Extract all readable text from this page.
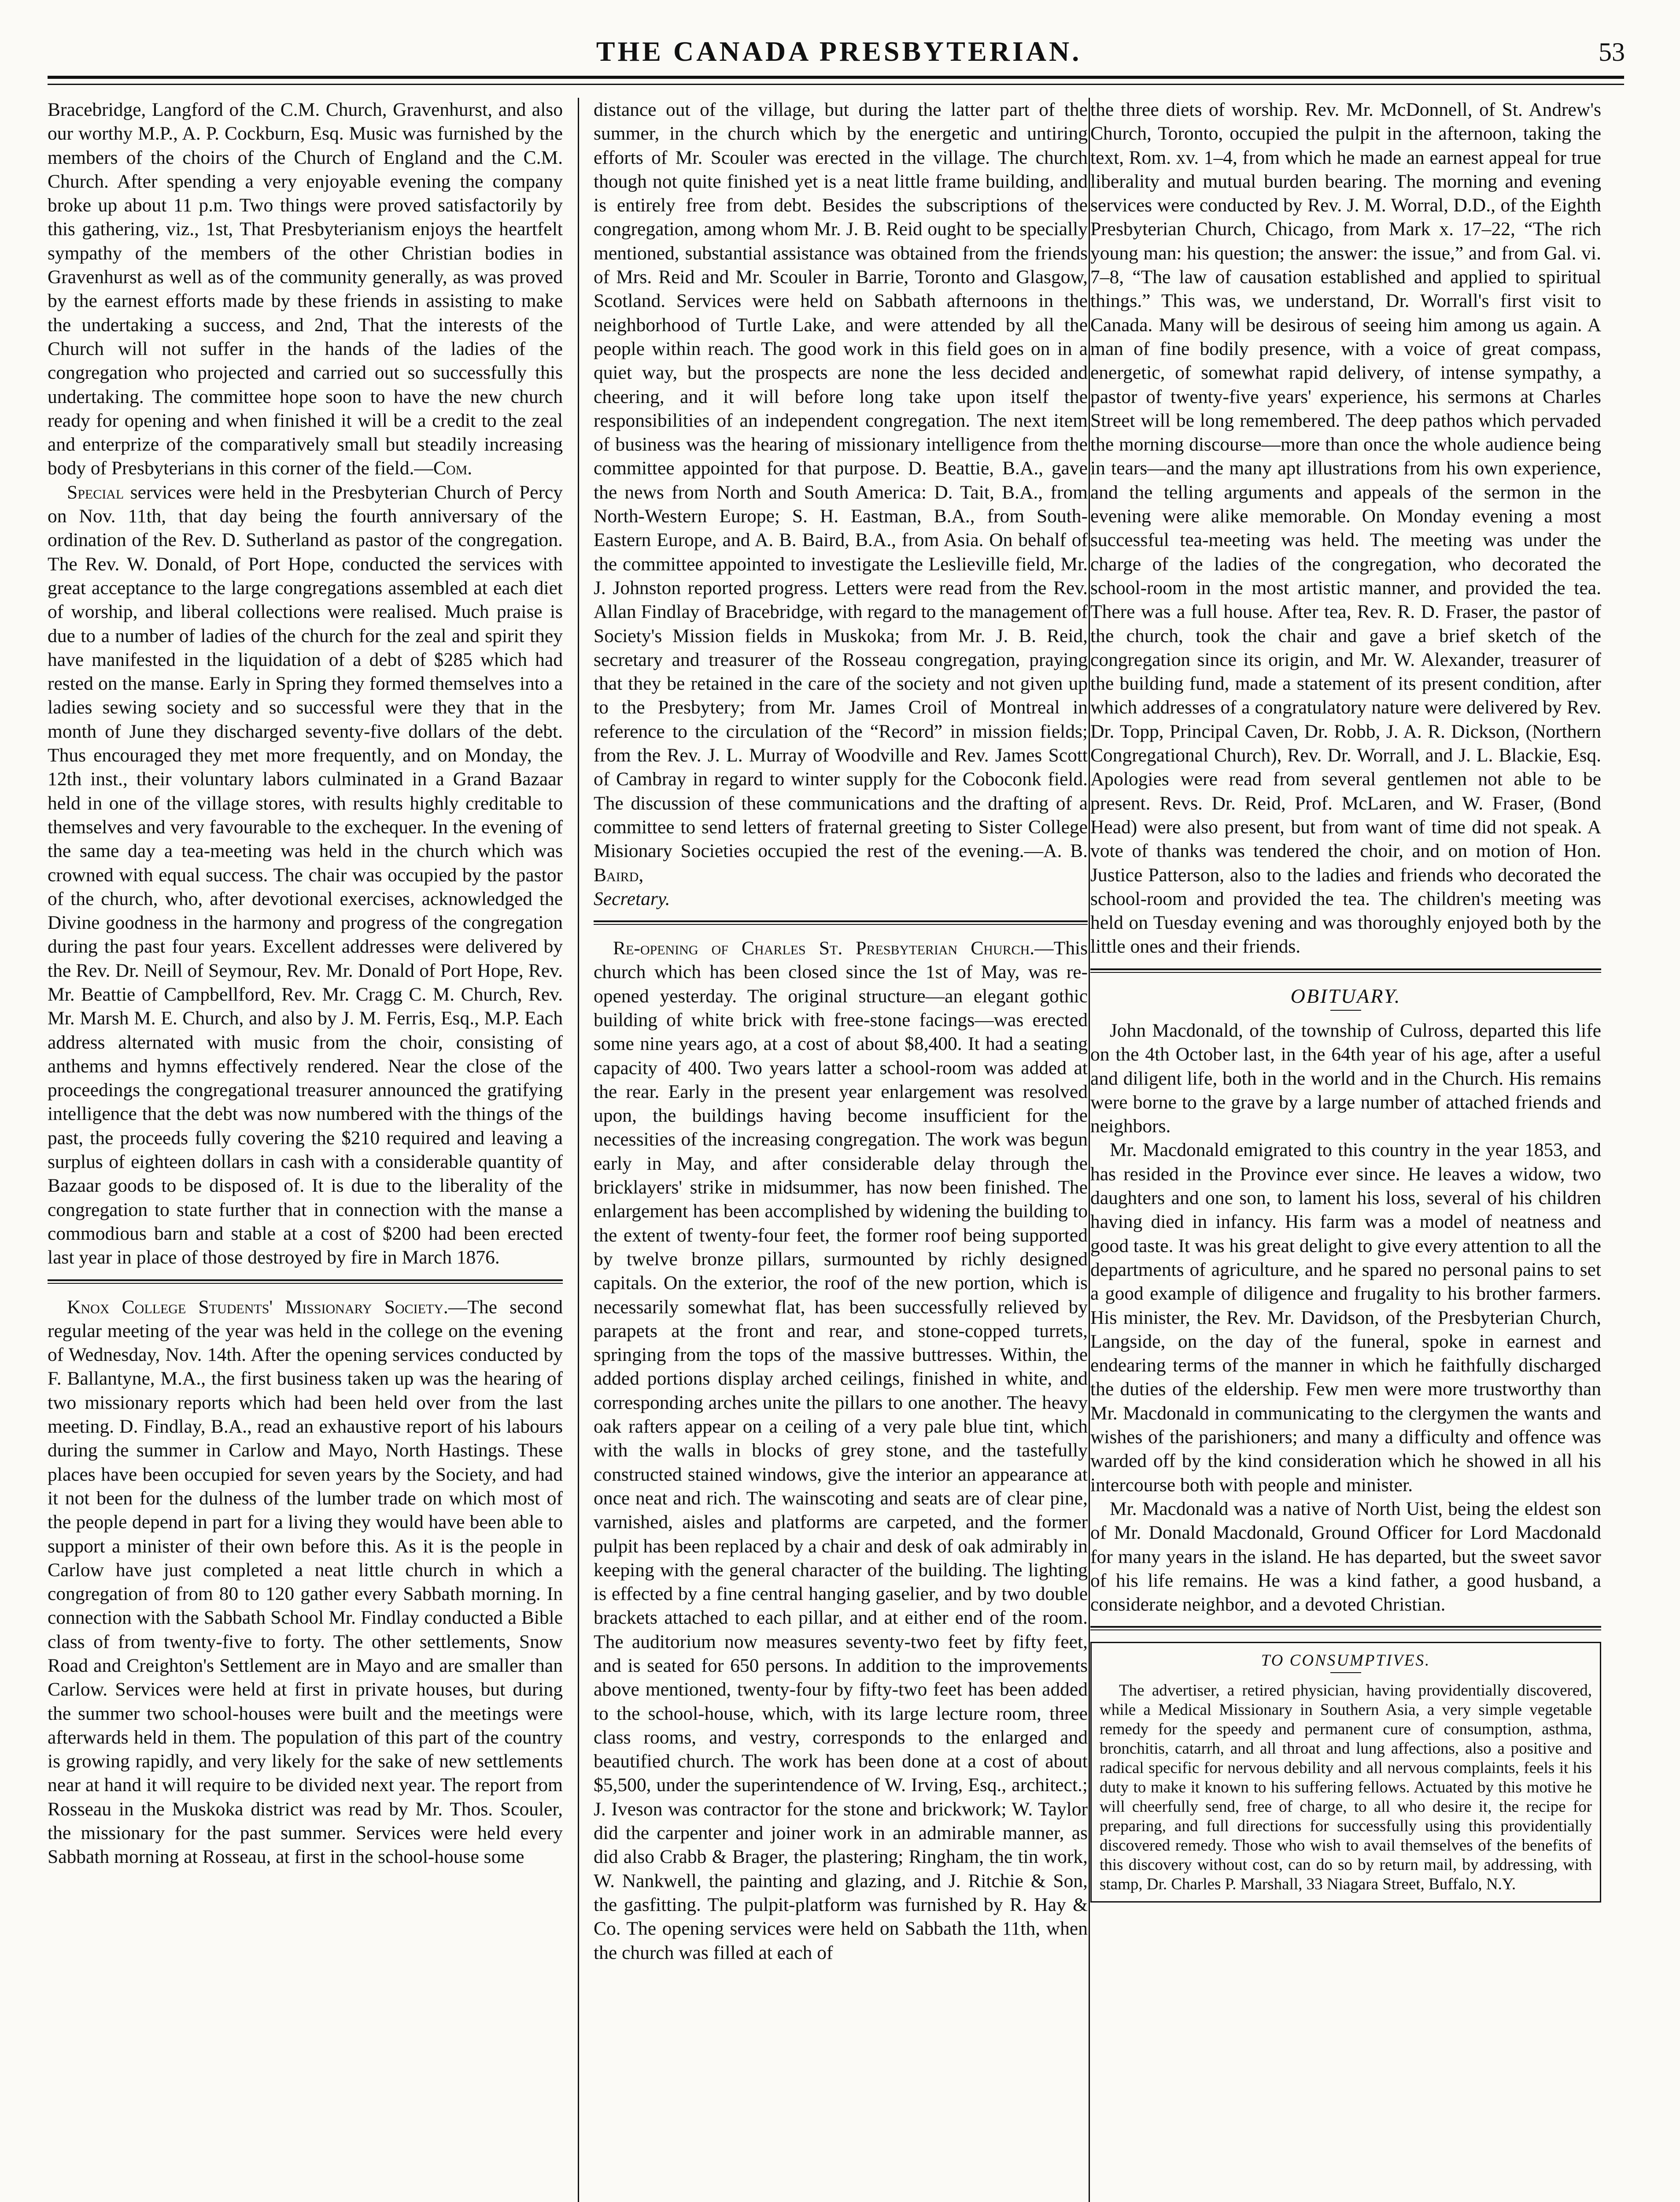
THE CANADA PRESBYTERIAN.	53

Bracebridge, Langford of the C.M. Church, Gravenhurst, and also our worthy M.P., A. P. Cockburn, Esq. Music was furnished by the members of the choirs of the Church of England and the C.M. Church. After spending a very enjoyable evening the company broke up about 11 p.m. Two things were proved satisfactorily by this gathering, viz., 1st, That Presbyterianism enjoys the heartfelt sympathy of the members of the other Christian bodies in Gravenhurst as well as of the community generally, as was proved by the earnest efforts made by these friends in assisting to make the undertaking a success, and 2nd, That the interests of the Church will not suffer in the hands of the ladies of the congregation who projected and carried out so successfully this undertaking. The committee hope soon to have the new church ready for opening and when finished it will be a credit to the zeal and enterprize of the comparatively small but steadily increasing body of Presbyterians in this corner of the field.—Com.

Special services were held in the Presbyterian Church of Percy on Nov. 11th, that day being the fourth anniversary of the ordination of the Rev. D. Sutherland as pastor of the congregation. The Rev. W. Donald, of Port Hope, conducted the services with great acceptance to the large congregations assembled at each diet of worship, and liberal collections were realised. Much praise is due to a number of ladies of the church for the zeal and spirit they have manifested in the liquidation of a debt of $285 which had rested on the manse. Early in Spring they formed themselves into a ladies sewing society and so successful were they that in the month of June they discharged seventy-five dollars of the debt. Thus encouraged they met more frequently, and on Monday, the 12th inst., their voluntary labors culminated in a Grand Bazaar held in one of the village stores, with results highly creditable to themselves and very favourable to the exchequer. In the evening of the same day a tea-meeting was held in the church which was crowned with equal success. The chair was occupied by the pastor of the church, who, after devotional exercises, acknowledged the Divine goodness in the harmony and progress of the congregation during the past four years. Excellent addresses were delivered by the Rev. Dr. Neill of Seymour, Rev. Mr. Donald of Port Hope, Rev. Mr. Beattie of Campbellford, Rev. Mr. Cragg C. M. Church, Rev. Mr. Marsh M. E. Church, and also by J. M. Ferris, Esq., M.P. Each address alternated with music from the choir, consisting of anthems and hymns effectively rendered. Near the close of the proceedings the congregational treasurer announced the gratifying intelligence that the debt was now numbered with the things of the past, the proceeds fully covering the $210 required and leaving a surplus of eighteen dollars in cash with a considerable quantity of Bazaar goods to be disposed of. It is due to the liberality of the congregation to state further that in connection with the manse a commodious barn and stable at a cost of $200 had been erected last year in place of those destroyed by fire in March 1876.

Knox College Students' Missionary Society.—The second regular meeting of the year was held in the college on the evening of Wednesday, Nov. 14th. After the opening services conducted by F. Ballantyne, M.A., the first business taken up was the hearing of two missionary reports which had been held over from the last meeting. D. Findlay, B.A., read an exhaustive report of his labours during the summer in Carlow and Mayo, North Hastings. These places have been occupied for seven years by the Society, and had it not been for the dulness of the lumber trade on which most of the people depend in part for a living they would have been able to support a minister of their own before this. As it is the people in Carlow have just completed a neat little church in which a congregation of from 80 to 120 gather every Sabbath morning. In connection with the Sabbath School Mr. Findlay conducted a Bible class of from twenty-five to forty. The other settlements, Snow Road and Creighton's Settlement are in Mayo and are smaller than Carlow. Services were held at first in private houses, but during the summer two school-houses were built and the meetings were afterwards held in them. The population of this part of the country is growing rapidly, and very likely for the sake of new settlements near at hand it will require to be divided next year. The report from Rosseau in the Muskoka district was read by Mr. Thos. Scouler, the missionary for the past summer. Services were held every Sabbath morning at Rosseau, at first in the school-house some

distance out of the village, but during the latter part of the summer, in the church which by the energetic and untiring efforts of Mr. Scouler was erected in the village. The church though not quite finished yet is a neat little frame building, and is entirely free from debt. Besides the subscriptions of the congregation, among whom Mr. J. B. Reid ought to be specially mentioned, substantial assistance was obtained from the friends of Mrs. Reid and Mr. Scouler in Barrie, Toronto and Glasgow, Scotland. Services were held on Sabbath afternoons in the neighborhood of Turtle Lake, and were attended by all the people within reach. The good work in this field goes on in a quiet way, but the prospects are none the less decided and cheering, and it will before long take upon itself the responsibilities of an independent congregation. The next item of business was the hearing of missionary intelligence from the committee appointed for that purpose. D. Beattie, B.A., gave the news from North and South America: D. Tait, B.A., from North-Western Europe; S. H. Eastman, B.A., from South-Eastern Europe, and A. B. Baird, B.A., from Asia. On behalf of the committee appointed to investigate the Leslieville field, Mr. J. Johnston reported progress. Letters were read from the Rev. Allan Findlay of Bracebridge, with regard to the management of Society's Mission fields in Muskoka; from Mr. J. B. Reid, secretary and treasurer of the Rosseau congregation, praying that they be retained in the care of the society and not given up to the Presbytery; from Mr. James Croil of Montreal in reference to the circulation of the “Record” in mission fields; from the Rev. J. L. Murray of Woodville and Rev. James Scott of Cambray in regard to winter supply for the Coboconk field. The discussion of these communications and the drafting of a committee to send letters of fraternal greeting to Sister College Misionary Societies occupied the rest of the evening.—A. B. Baird,
Secretary.

Re-opening of Charles St. Presbyterian Church.—This church which has been closed since the 1st of May, was re-opened yesterday. The original structure—an elegant gothic building of white brick with free-stone facings—was erected some nine years ago, at a cost of about $8,400. It had a seating capacity of 400. Two years latter a school-room was added at the rear. Early in the present year enlargement was resolved upon, the buildings having become insufficient for the necessities of the increasing congregation. The work was begun early in May, and after considerable delay through the bricklayers' strike in midsummer, has now been finished. The enlargement has been accomplished by widening the building to the extent of twenty-four feet, the former roof being supported by twelve bronze pillars, surmounted by richly designed capitals. On the exterior, the roof of the new portion, which is necessarily somewhat flat, has been successfully relieved by parapets at the front and rear, and stone-copped turrets, springing from the tops of the massive buttresses. Within, the added portions display arched ceilings, finished in white, and corresponding arches unite the pillars to one another. The heavy oak rafters appear on a ceiling of a very pale blue tint, which with the walls in blocks of grey stone, and the tastefully constructed stained windows, give the interior an appearance at once neat and rich. The wainscoting and seats are of clear pine, varnished, aisles and platforms are carpeted, and the former pulpit has been replaced by a chair and desk of oak admirably in keeping with the general character of the building. The lighting is effected by a fine central hanging gaselier, and by two double brackets attached to each pillar, and at either end of the room. The auditorium now measures seventy-two feet by fifty feet, and is seated for 650 persons. In addition to the improvements above mentioned, twenty-four by fifty-two feet has been added to the school-house, which, with its large lecture room, three class rooms, and vestry, corresponds to the enlarged and beautified church. The work has been done at a cost of about $5,500, under the superintendence of W. Irving, Esq., architect.; J. Iveson was contractor for the stone and brickwork; W. Taylor did the carpenter and joiner work in an admirable manner, as did also Crabb & Brager, the plastering; Ringham, the tin work, W. Nankwell, the painting and glazing, and J. Ritchie & Son, the gasfitting. The pulpit-platform was furnished by R. Hay & Co. The opening services were held on Sabbath the 11th, when the church was filled at each of

the three diets of worship. Rev. Mr. McDonnell, of St. Andrew's Church, Toronto, occupied the pulpit in the afternoon, taking the text, Rom. xv. 1–4, from which he made an earnest appeal for true liberality and mutual burden bearing. The morning and evening services were conducted by Rev. J. M. Worral, D.D., of the Eighth Presbyterian Church, Chicago, from Mark x. 17–22, “The rich young man: his question; the answer: the issue,” and from Gal. vi. 7–8, “The law of causation established and applied to spiritual things.” This was, we understand, Dr. Worrall's first visit to Canada. Many will be desirous of seeing him among us again. A man of fine bodily presence, with a voice of great compass, energetic, of somewhat rapid delivery, of intense sympathy, a pastor of twenty-five years' experience, his sermons at Charles Street will be long remembered. The deep pathos which pervaded the morning discourse—more than once the whole audience being in tears—and the many apt illustrations from his own experience, and the telling arguments and appeals of the sermon in the evening were alike memorable. On Monday evening a most successful tea-meeting was held. The meeting was under the charge of the ladies of the congregation, who decorated the school-room in the most artistic manner, and provided the tea. There was a full house. After tea, Rev. R. D. Fraser, the pastor of the church, took the chair and gave a brief sketch of the congregation since its origin, and Mr. W. Alexander, treasurer of the building fund, made a statement of its present condition, after which addresses of a congratulatory nature were delivered by Rev. Dr. Topp, Principal Caven, Dr. Robb, J. A. R. Dickson, (Northern Congregational Church), Rev. Dr. Worrall, and J. L. Blackie, Esq. Apologies were read from several gentlemen not able to be present. Revs. Dr. Reid, Prof. McLaren, and W. Fraser, (Bond Head) were also present, but from want of time did not speak. A vote of thanks was tendered the choir, and on motion of Hon. Justice Patterson, also to the ladies and friends who decorated the school-room and provided the tea. The children's meeting was held on Tuesday evening and was thoroughly enjoyed both by the little ones and their friends.

OBITUARY.

John Macdonald, of the township of Culross, departed this life on the 4th October last, in the 64th year of his age, after a useful and diligent life, both in the world and in the Church. His remains were borne to the grave by a large number of attached friends and neighbors.

Mr. Macdonald emigrated to this country in the year 1853, and has resided in the Province ever since. He leaves a widow, two daughters and one son, to lament his loss, several of his children having died in infancy. His farm was a model of neatness and good taste. It was his great delight to give every attention to all the departments of agriculture, and he spared no personal pains to set a good example of diligence and frugality to his brother farmers. His minister, the Rev. Mr. Davidson, of the Presbyterian Church, Langside, on the day of the funeral, spoke in earnest and endearing terms of the manner in which he faithfully discharged the duties of the eldership. Few men were more trustworthy than Mr. Macdonald in communicating to the clergymen the wants and wishes of the parishioners; and many a difficulty and offence was warded off by the kind consideration which he showed in all his intercourse both with people and minister.

Mr. Macdonald was a native of North Uist, being the eldest son of Mr. Donald Macdonald, Ground Officer for Lord Macdonald for many years in the island. He has departed, but the sweet savor of his life remains. He was a kind father, a good husband, a considerate neighbor, and a devoted Christian.

TO CONSUMPTIVES.

The advertiser, a retired physician, having providentially discovered, while a Medical Missionary in Southern Asia, a very simple vegetable remedy for the speedy and permanent cure of consumption, asthma, bronchitis, catarrh, and all throat and lung affections, also a positive and radical specific for nervous debility and all nervous complaints, feels it his duty to make it known to his suffering fellows. Actuated by this motive he will cheerfully send, free of charge, to all who desire it, the recipe for preparing, and full directions for successfully using this providentially discovered remedy. Those who wish to avail themselves of the benefits of this discovery without cost, can do so by return mail, by addressing, with stamp, Dr. Charles P. Marshall, 33 Niagara Street, Buffalo, N.Y.
